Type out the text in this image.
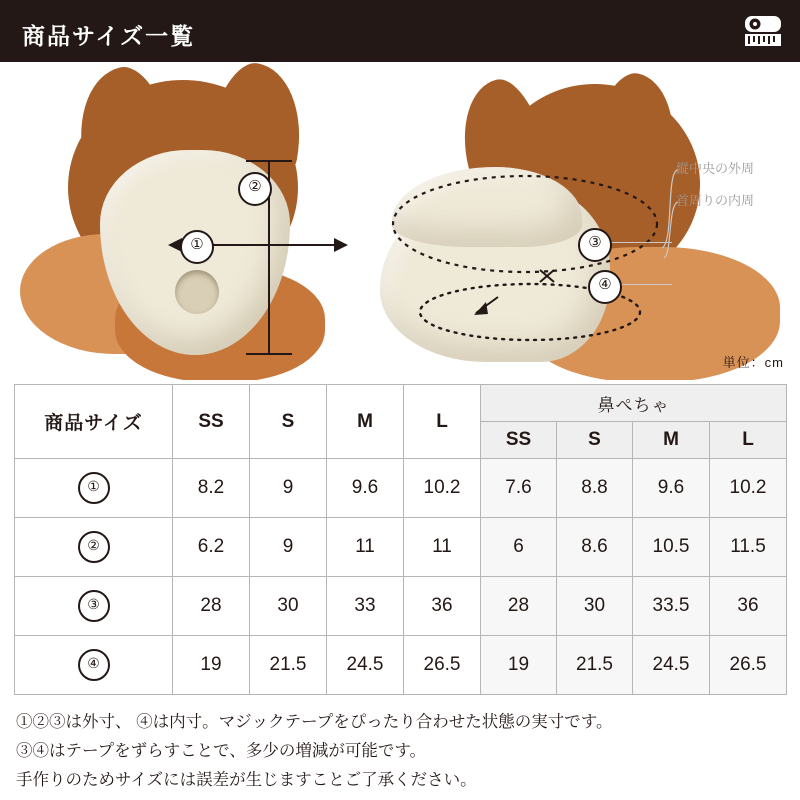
商品サイズ一覧
①
②
③
④
縦中央の外周
首周りの内周
単位：cm
商品サイズ	SS	S	M	L	鼻ぺちゃ			
					SS	S	M	L
①	8.2	9	9.6	10.2	7.6	8.8	9.6	10.2
②	6.2	9	11	11	6	8.6	10.5	11.5
③	28	30	33	36	28	30	33.5	36
④	19	21.5	24.5	26.5	19	21.5	24.5	26.5
①②③は外寸、 ④は内寸。マジックテープをぴったり合わせた状態の実寸です。
③④はテープをずらすことで、多少の増減が可能です。
手作りのためサイズには誤差が生じますことご了承ください。
